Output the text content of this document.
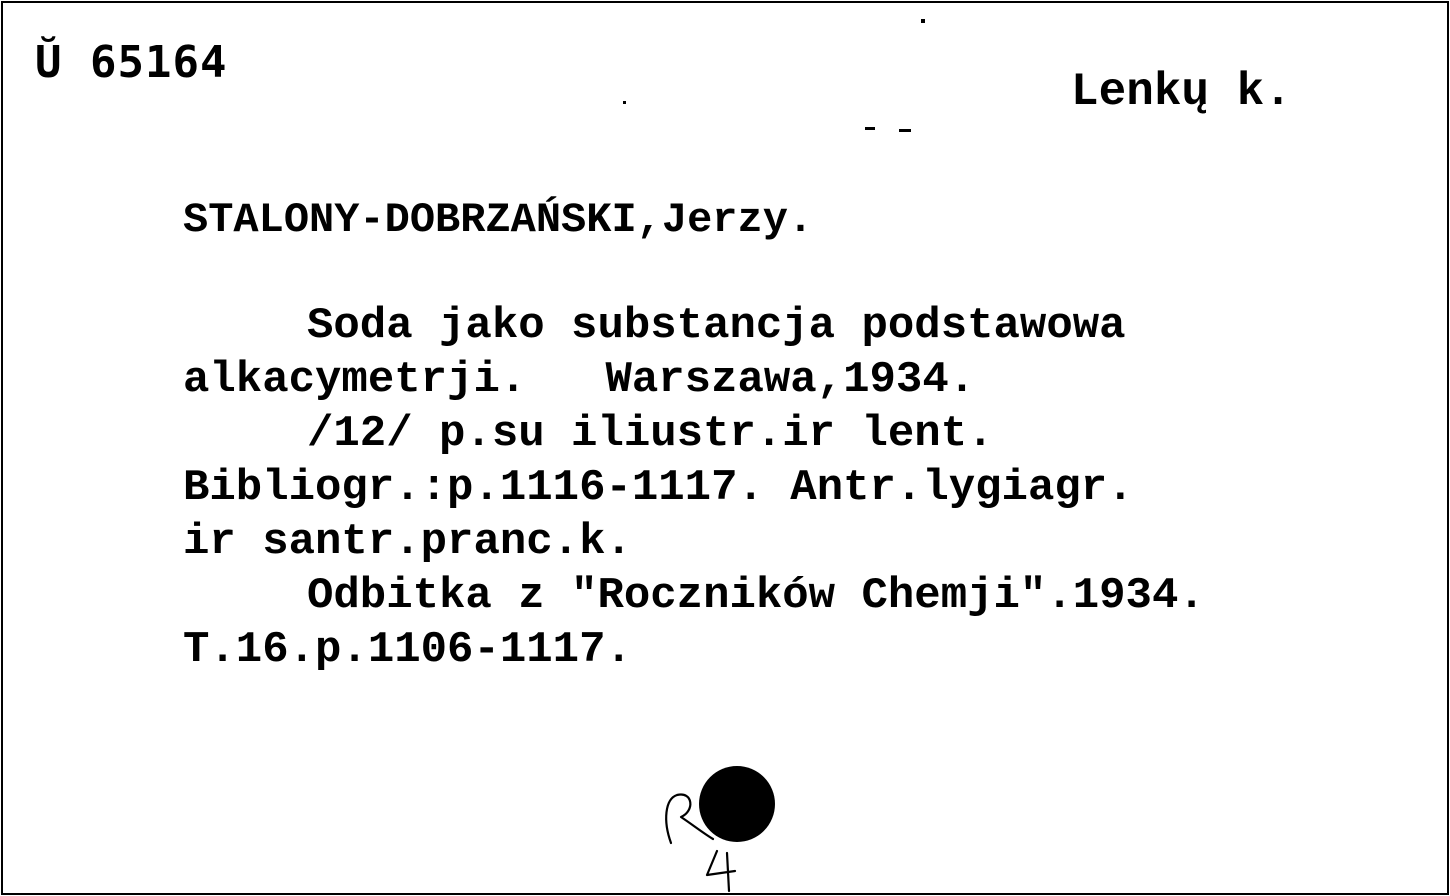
Ŭ 65164
Lenkų k.
STALONY-DOBRZAŃSKI,Jerzy.
Soda jako substancja podstawowa
alkacymetrji.   Warszawa,1934.
/12/ p.su iliustr.ir lent.
Bibliogr.:p.1116-1117. Antr.lygiagr.
ir santr.pranc.k.
Odbitka z "Roczników Chemji".1934.
T.16.p.1106-1117.
